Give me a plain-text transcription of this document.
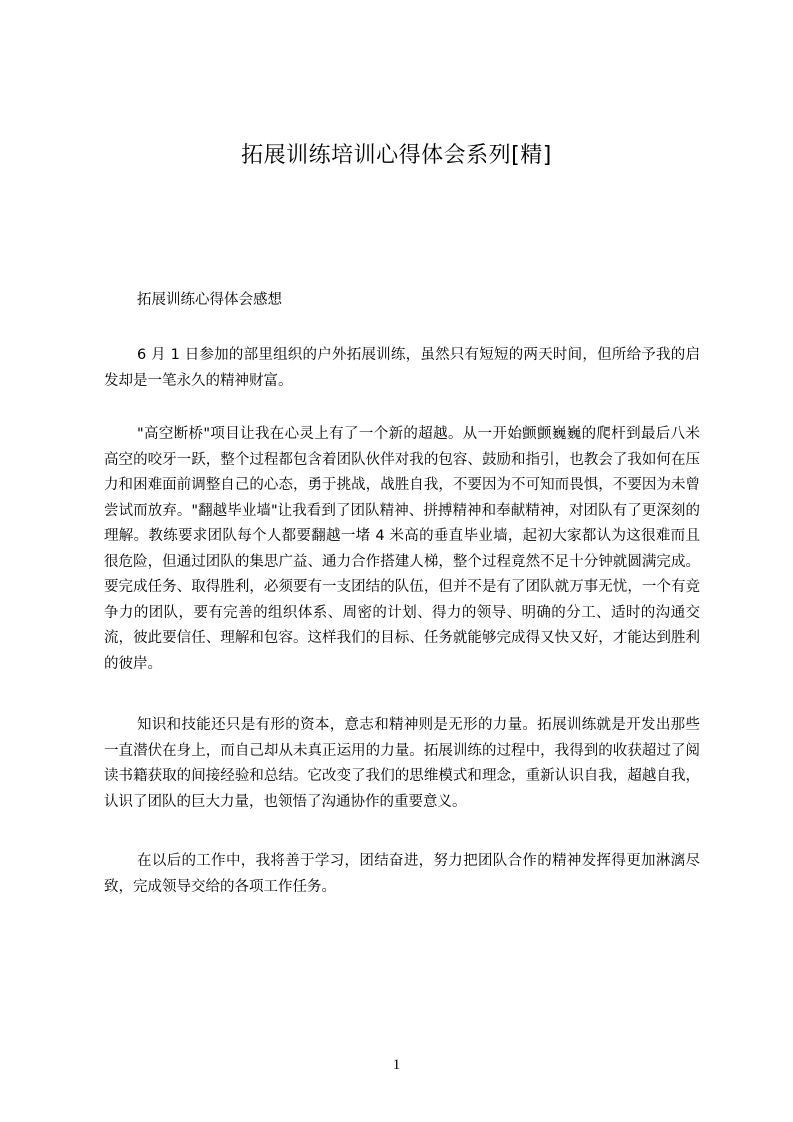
拓展训练培训心得体会系列[精]
拓展训练心得体会感想

6 月 1 日参加的部里组织的户外拓展训练，虽然只有短短的两天时间，但所给予我的启发却是一笔永久的精神财富。

"高空断桥"项目让我在心灵上有了一个新的超越。从一开始颤颤巍巍的爬杆到最后八米高空的咬牙一跃，整个过程都包含着团队伙伴对我的包容、鼓励和指引，也教会了我如何在压力和困难面前调整自己的心态，勇于挑战，战胜自我，不要因为不可知而畏惧，不要因为未曾尝试而放弃。"翻越毕业墙"让我看到了团队精神、拼搏精神和奉献精神，对团队有了更深刻的理解。教练要求团队每个人都要翻越一堵 4 米高的垂直毕业墙，起初大家都认为这很难而且很危险，但通过团队的集思广益、通力合作搭建人梯，整个过程竟然不足十分钟就圆满完成。要完成任务、取得胜利，必须要有一支团结的队伍，但并不是有了团队就万事无忧，一个有竞争力的团队，要有完善的组织体系、周密的计划、得力的领导、明确的分工、适时的沟通交流，彼此要信任、理解和包容。这样我们的目标、任务就能够完成得又快又好，才能达到胜利的彼岸。

知识和技能还只是有形的资本，意志和精神则是无形的力量。拓展训练就是开发出那些一直潜伏在身上，而自己却从未真正运用的力量。拓展训练的过程中，我得到的收获超过了阅读书籍获取的间接经验和总结。它改变了我们的思维模式和理念，重新认识自我，超越自我，认识了团队的巨大力量，也领悟了沟通协作的重要意义。

在以后的工作中，我将善于学习，团结奋进，努力把团队合作的精神发挥得更加淋漓尽致，完成领导交给的各项工作任务。

1
